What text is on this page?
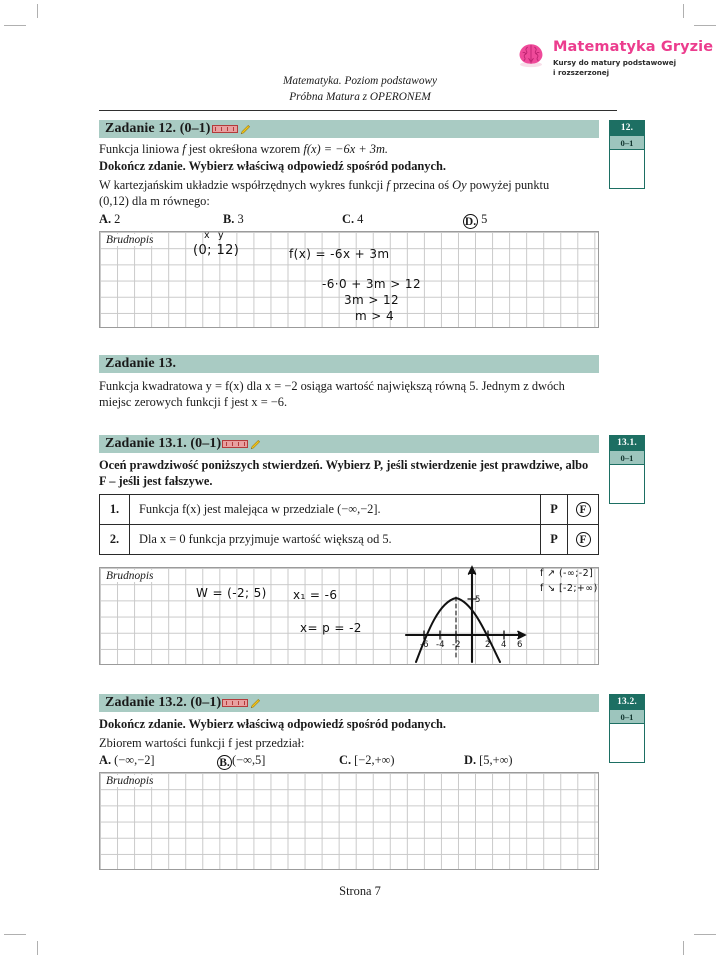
Matematyka Gryzie
Kursy do matury podstawowej
i rozszerzonej
Matematyka. Poziom podstawowy
Próbna Matura z OPERONEM
Zadanie 12. (0–1)
Funkcja liniowa f jest okreśłona wzorem f(x) = −6x + 3m.
Dokończ zdanie. Wybierz właściwą odpowiedź spośród podanych.
W kartezjańskim układzie współrzędnych wykres funkcji f przecina oś Oy powyżej punktu
(0,12) dla m równego:
A. 2	B. 3	C. 4	D. 5
Brudnopis	x y
(0; 12)	f(x) = -6x + 3m
-6·0 + 3m > 12
3m > 12
m > 4
12.
0–1
Zadanie 13.
Funkcja kwadratowa y = f(x) dla x = −2 osiąga wartość największą równą 5. Jednym z dwóch
miejsc zerowych funkcji f jest x = −6.
Zadanie 13.1. (0–1)
Oceń prawdziwość poniższych stwierdzeń. Wybierz P, jeśli stwierdzenie jest prawdziwe, albo
F – jeśli jest fałszywe.
1.	Funkcja f(x) jest malejąca w przedziale (−∞,−2].	P	F
2.	Dla x = 0 funkcja przyjmuje wartość większą od 5.	P	F
Brudnopis
W = (-2; 5) x₁ = -6
x= p = -2
f ↗ (-∞;-2]
f ↘ [-2;+∞)
-6 -4 -2	2 4 6
5
13.1.
0–1
Zadanie 13.2. (0–1)
Dokończ zdanie. Wybierz właściwą odpowiedź spośród podanych.
Zbiorem wartości funkcji f jest przedział:
A. (−∞,−2]	B. (−∞,5]	C. [−2,+∞)	D. [5,+∞)
Brudnopis
13.2.
0–1
Strona 7
